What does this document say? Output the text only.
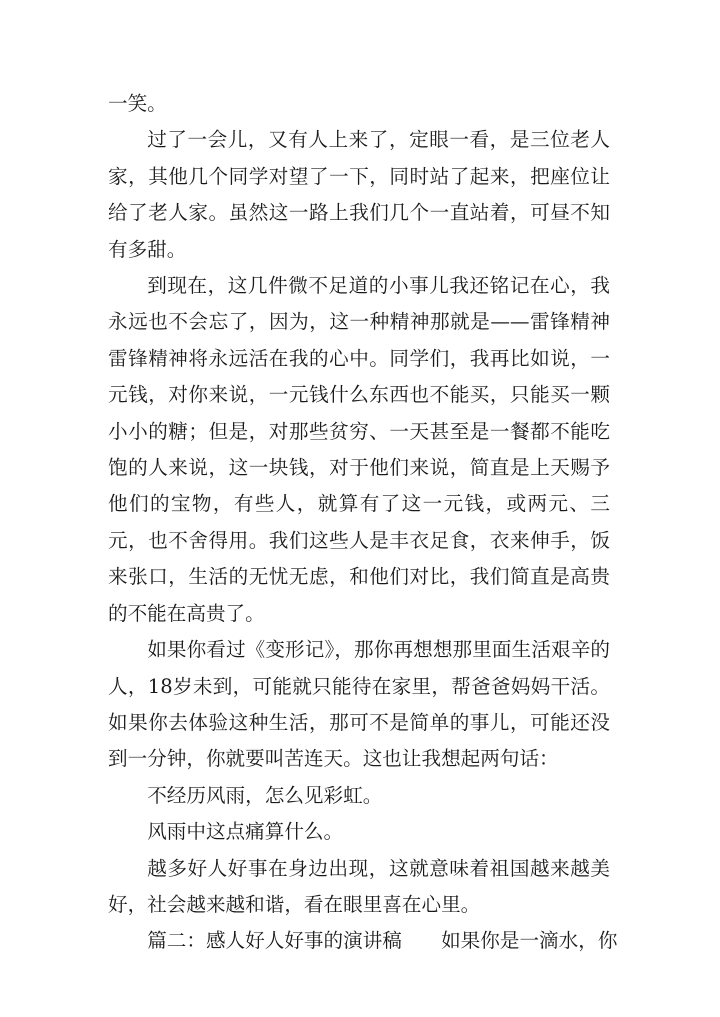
一笑。

过了一会儿，又有人上来了，定眼一看，是三位老人家，其他几个同学对望了一下，同时站了起来，把座位让给了老人家。虽然这一路上我们几个一直站着，可昼不知有多甜。

到现在，这几件微不足道的小事儿我还铭记在心，我永远也不会忘了，因为，这一种精神那就是——雷锋精神雷锋精神将永远活在我的心中。同学们，我再比如说，一元钱，对你来说，一元钱什么东西也不能买，只能买一颗小小的糖；但是，对那些贫穷、一天甚至是一餐都不能吃饱的人来说，这一块钱，对于他们来说，简直是上天赐予他们的宝物，有些人，就算有了这一元钱，或两元、三元，也不舍得用。我们这些人是丰衣足食，衣来伸手，饭来张口，生活的无忧无虑，和他们对比，我们简直是高贵的不能在高贵了。

如果你看过《变形记》，那你再想想那里面生活艰辛的人，18岁未到，可能就只能待在家里，帮爸爸妈妈干活。如果你去体验这种生活，那可不是简单的事儿，可能还没到一分钟，你就要叫苦连天。这也让我想起两句话：

不经历风雨，怎么见彩虹。

风雨中这点痛算什么。

越多好人好事在身边出现，这就意味着祖国越来越美好，社会越来越和谐，看在眼里喜在心里。

篇二：感人好人好事的演讲稿　　如果你是一滴水，你
